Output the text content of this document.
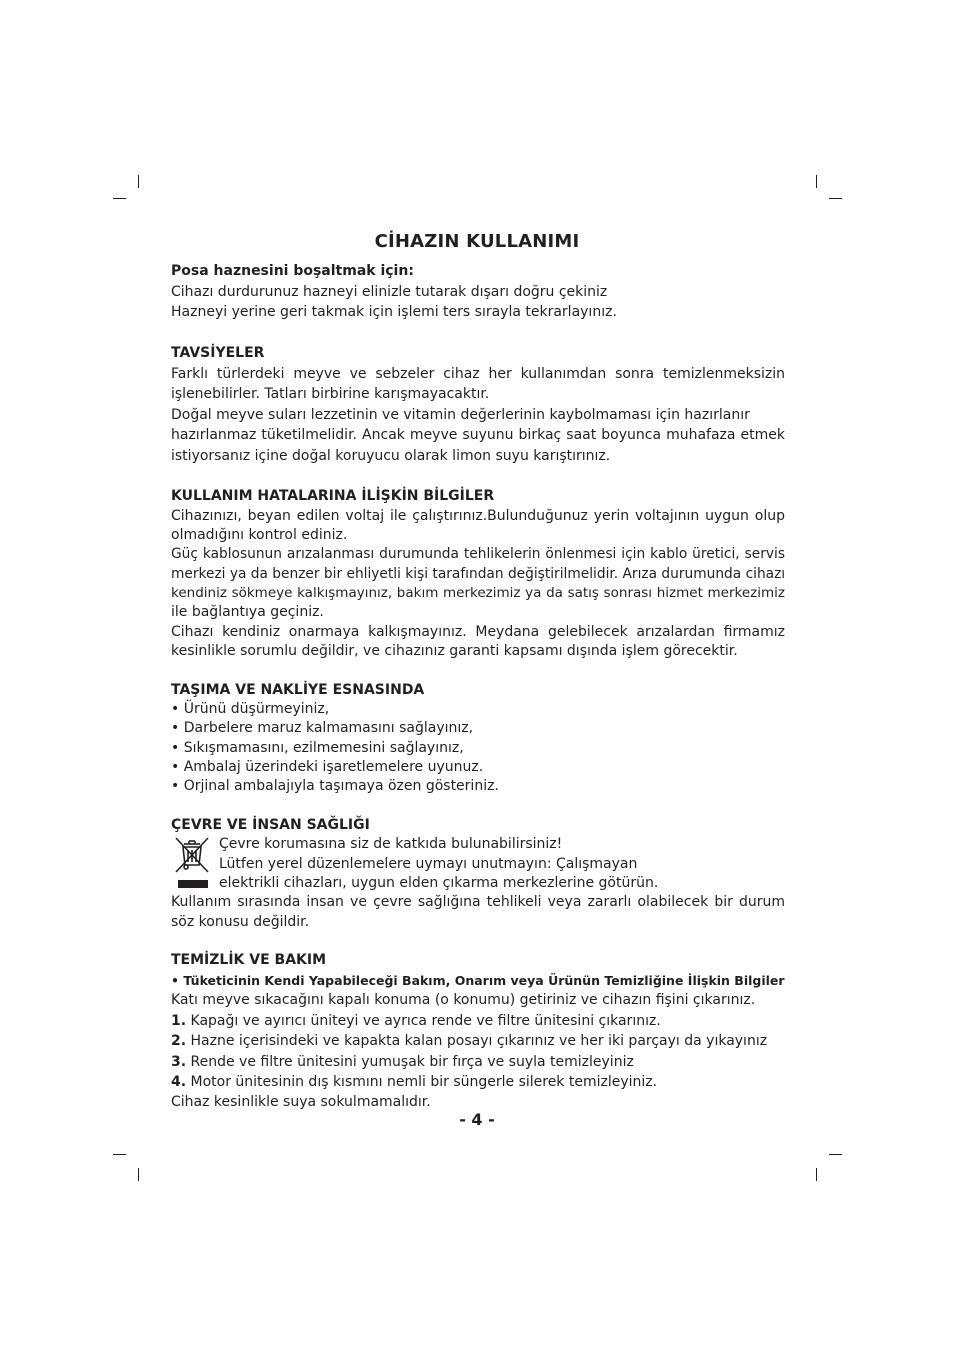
CİHAZIN KULLANIMI
Posa haznesini boşaltmak için:
Cihazı durdurunuz hazneyi elinizle tutarak dışarı doğru çekiniz
Hazneyi yerine geri takmak için işlemi ters sırayla tekrarlayınız.
TAVSİYELER
Farklı türlerdeki meyve ve sebzeler cihaz her kullanımdan sonra temizlenmeksizin
işlenebilirler. Tatları birbirine karışmayacaktır.
Doğal meyve suları lezzetinin ve vitamin değerlerinin kaybolmaması için hazırlanır
hazırlanmaz tüketilmelidir. Ancak meyve suyunu birkaç saat boyunca muhafaza etmek
istiyorsanız içine doğal koruyucu olarak limon suyu karıştırınız.
KULLANIM HATALARINA İLİŞKİN BİLGİLER
Cihazınızı, beyan edilen voltaj ile çalıştırınız.Bulunduğunuz yerin voltajının uygun olup
olmadığını kontrol ediniz.
Güç kablosunun arızalanması durumunda tehlikelerin önlenmesi için kablo üretici, servis
merkezi ya da benzer bir ehliyetli kişi tarafından değiştirilmelidir. Arıza durumunda cihazı
kendiniz sökmeye kalkışmayınız, bakım merkezimiz ya da satış sonrası hizmet merkezimiz
ile bağlantıya geçiniz.
Cihazı kendiniz onarmaya kalkışmayınız. Meydana gelebilecek arızalardan firmamız
kesinlikle sorumlu değildir, ve cihazınız garanti kapsamı dışında işlem görecektir.
TAŞIMA VE NAKLİYE ESNASINDA
• Ürünü düşürmeyiniz,
• Darbelere maruz kalmamasını sağlayınız,
• Sıkışmamasını, ezilmemesini sağlayınız,
• Ambalaj üzerindeki işaretlemelere uyunuz.
• Orjinal ambalajıyla taşımaya özen gösteriniz.
ÇEVRE VE İNSAN SAĞLIĞI
Çevre korumasına siz de katkıda bulunabilirsiniz!
Lütfen yerel düzenlemelere uymayı unutmayın: Çalışmayan
elektrikli cihazları, uygun elden çıkarma merkezlerine götürün.
Kullanım sırasında insan ve çevre sağlığına tehlikeli veya zararlı olabilecek bir durum
söz konusu değildir.
TEMİZLİK VE BAKIM
• Tüketicinin Kendi Yapabileceği Bakım, Onarım veya Ürünün Temizliğine İlişkin Bilgiler
Katı meyve sıkacağını kapalı konuma (o konumu) getiriniz ve cihazın fişini çıkarınız.
1. Kapağı ve ayırıcı üniteyi ve ayrıca rende ve filtre ünitesini çıkarınız.
2. Hazne içerisindeki ve kapakta kalan posayı çıkarınız ve her iki parçayı da yıkayınız
3. Rende ve filtre ünitesini yumuşak bir fırça ve suyla temizleyiniz
4. Motor ünitesinin dış kısmını nemli bir süngerle silerek temizleyiniz.
Cihaz kesinlikle suya sokulmamalıdır.
- 4 -
